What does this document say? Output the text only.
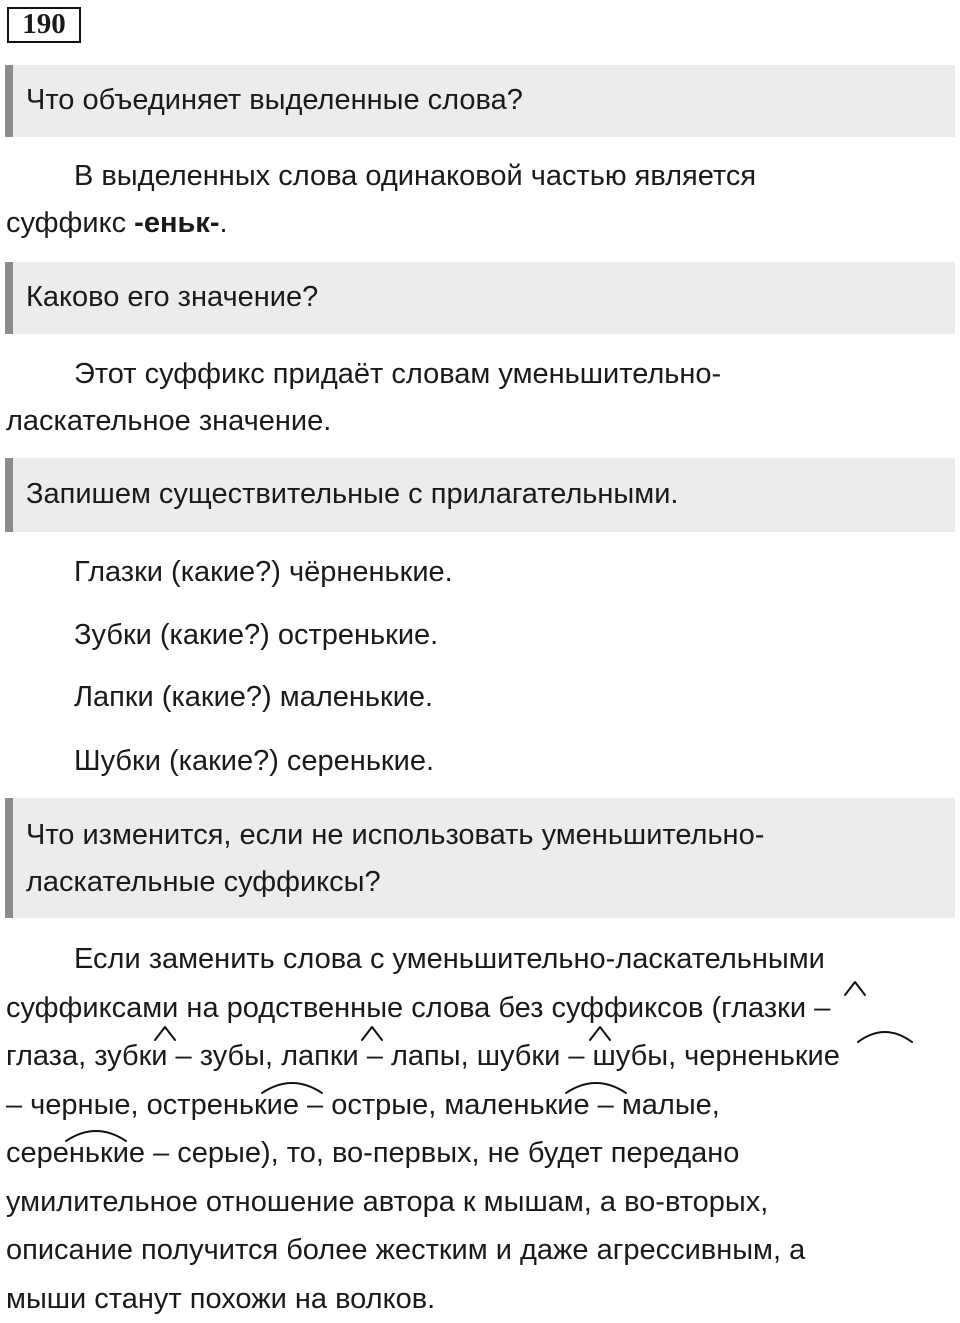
190
Что объединяет выделенные слова?
В выделенных слова одинаковой частью является
суффикс -еньк-.
Каково его значение?
Этот суффикс придаёт словам уменьшительно-
ласкательное значение.
Запишем существительные с прилагательными.
Глазки (какие?) чёрненькие.
Зубки (какие?) остренькие.
Лапки (какие?) маленькие.
Шубки (какие?) серенькие.
Что изменится, если не использовать уменьшительно-
ласкательные суффиксы?
Если заменить слова с уменьшительно-ласкательными
суффиксами на родственные слова без суффиксов (глазки –
глаза, зубки – зубы, лапки – лапы, шубки – шубы, черненькие
– черные, остренькие – острые, маленькие – малые,
серенькие – серые), то, во-первых, не будет передано
умилительное отношение автора к мышам, а во-вторых,
описание получится более жестким и даже агрессивным, а
мыши станут похожи на волков.
